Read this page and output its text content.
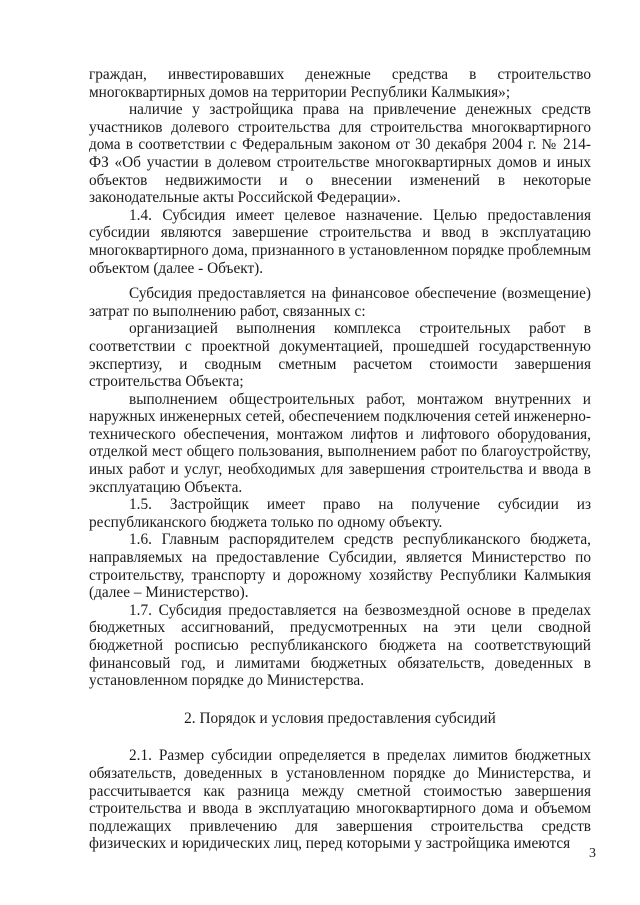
граждан, инвестировавших денежные средства в строительство многоквартирных домов на территории Республики Калмыкия»;

наличие у застройщика права на привлечение денежных средств участников долевого строительства для строительства многоквартирного дома в соответствии с Федеральным законом от 30 декабря 2004 г. № 214-ФЗ «Об участии в долевом строительстве многоквартирных домов и иных объектов недвижимости и о внесении изменений в некоторые законодательные акты Российской Федерации».

1.4. Субсидия имеет целевое назначение. Целью предоставления субсидии являются завершение строительства и ввод в эксплуатацию многоквартирного дома, признанного в установленном порядке проблемным объектом (далее - Объект).

Субсидия предоставляется на финансовое обеспечение (возмещение) затрат по выполнению работ, связанных с:

организацией выполнения комплекса строительных работ в соответствии с проектной документацией, прошедшей государственную экспертизу, и сводным сметным расчетом стоимости завершения строительства Объекта;

выполнением общестроительных работ, монтажом внутренних и наружных инженерных сетей, обеспечением подключения сетей инженерно-технического обеспечения, монтажом лифтов и лифтового оборудования, отделкой мест общего пользования, выполнением работ по благоустройству, иных работ и услуг, необходимых для завершения строительства и ввода в эксплуатацию Объекта.

1.5. Застройщик имеет право на получение субсидии из республиканского бюджета только по одному объекту.

1.6. Главным распорядителем средств республиканского бюджета, направляемых на предоставление Субсидии, является Министерство по строительству, транспорту и дорожному хозяйству Республики Калмыкия (далее – Министерство).

1.7. Субсидия предоставляется на безвозмездной основе в пределах бюджетных ассигнований, предусмотренных на эти цели сводной бюджетной росписью республиканского бюджета на соответствующий финансовый год, и лимитами бюджетных обязательств, доведенных в установленном порядке до Министерства.

2. Порядок и условия предоставления субсидий

2.1. Размер субсидии определяется в пределах лимитов бюджетных обязательств, доведенных в установленном порядке до Министерства, и рассчитывается как разница между сметной стоимостью завершения строительства и ввода в эксплуатацию многоквартирного дома и объемом подлежащих привлечению для завершения строительства средств физических и юридических лиц, перед которыми у застройщика имеются

3
